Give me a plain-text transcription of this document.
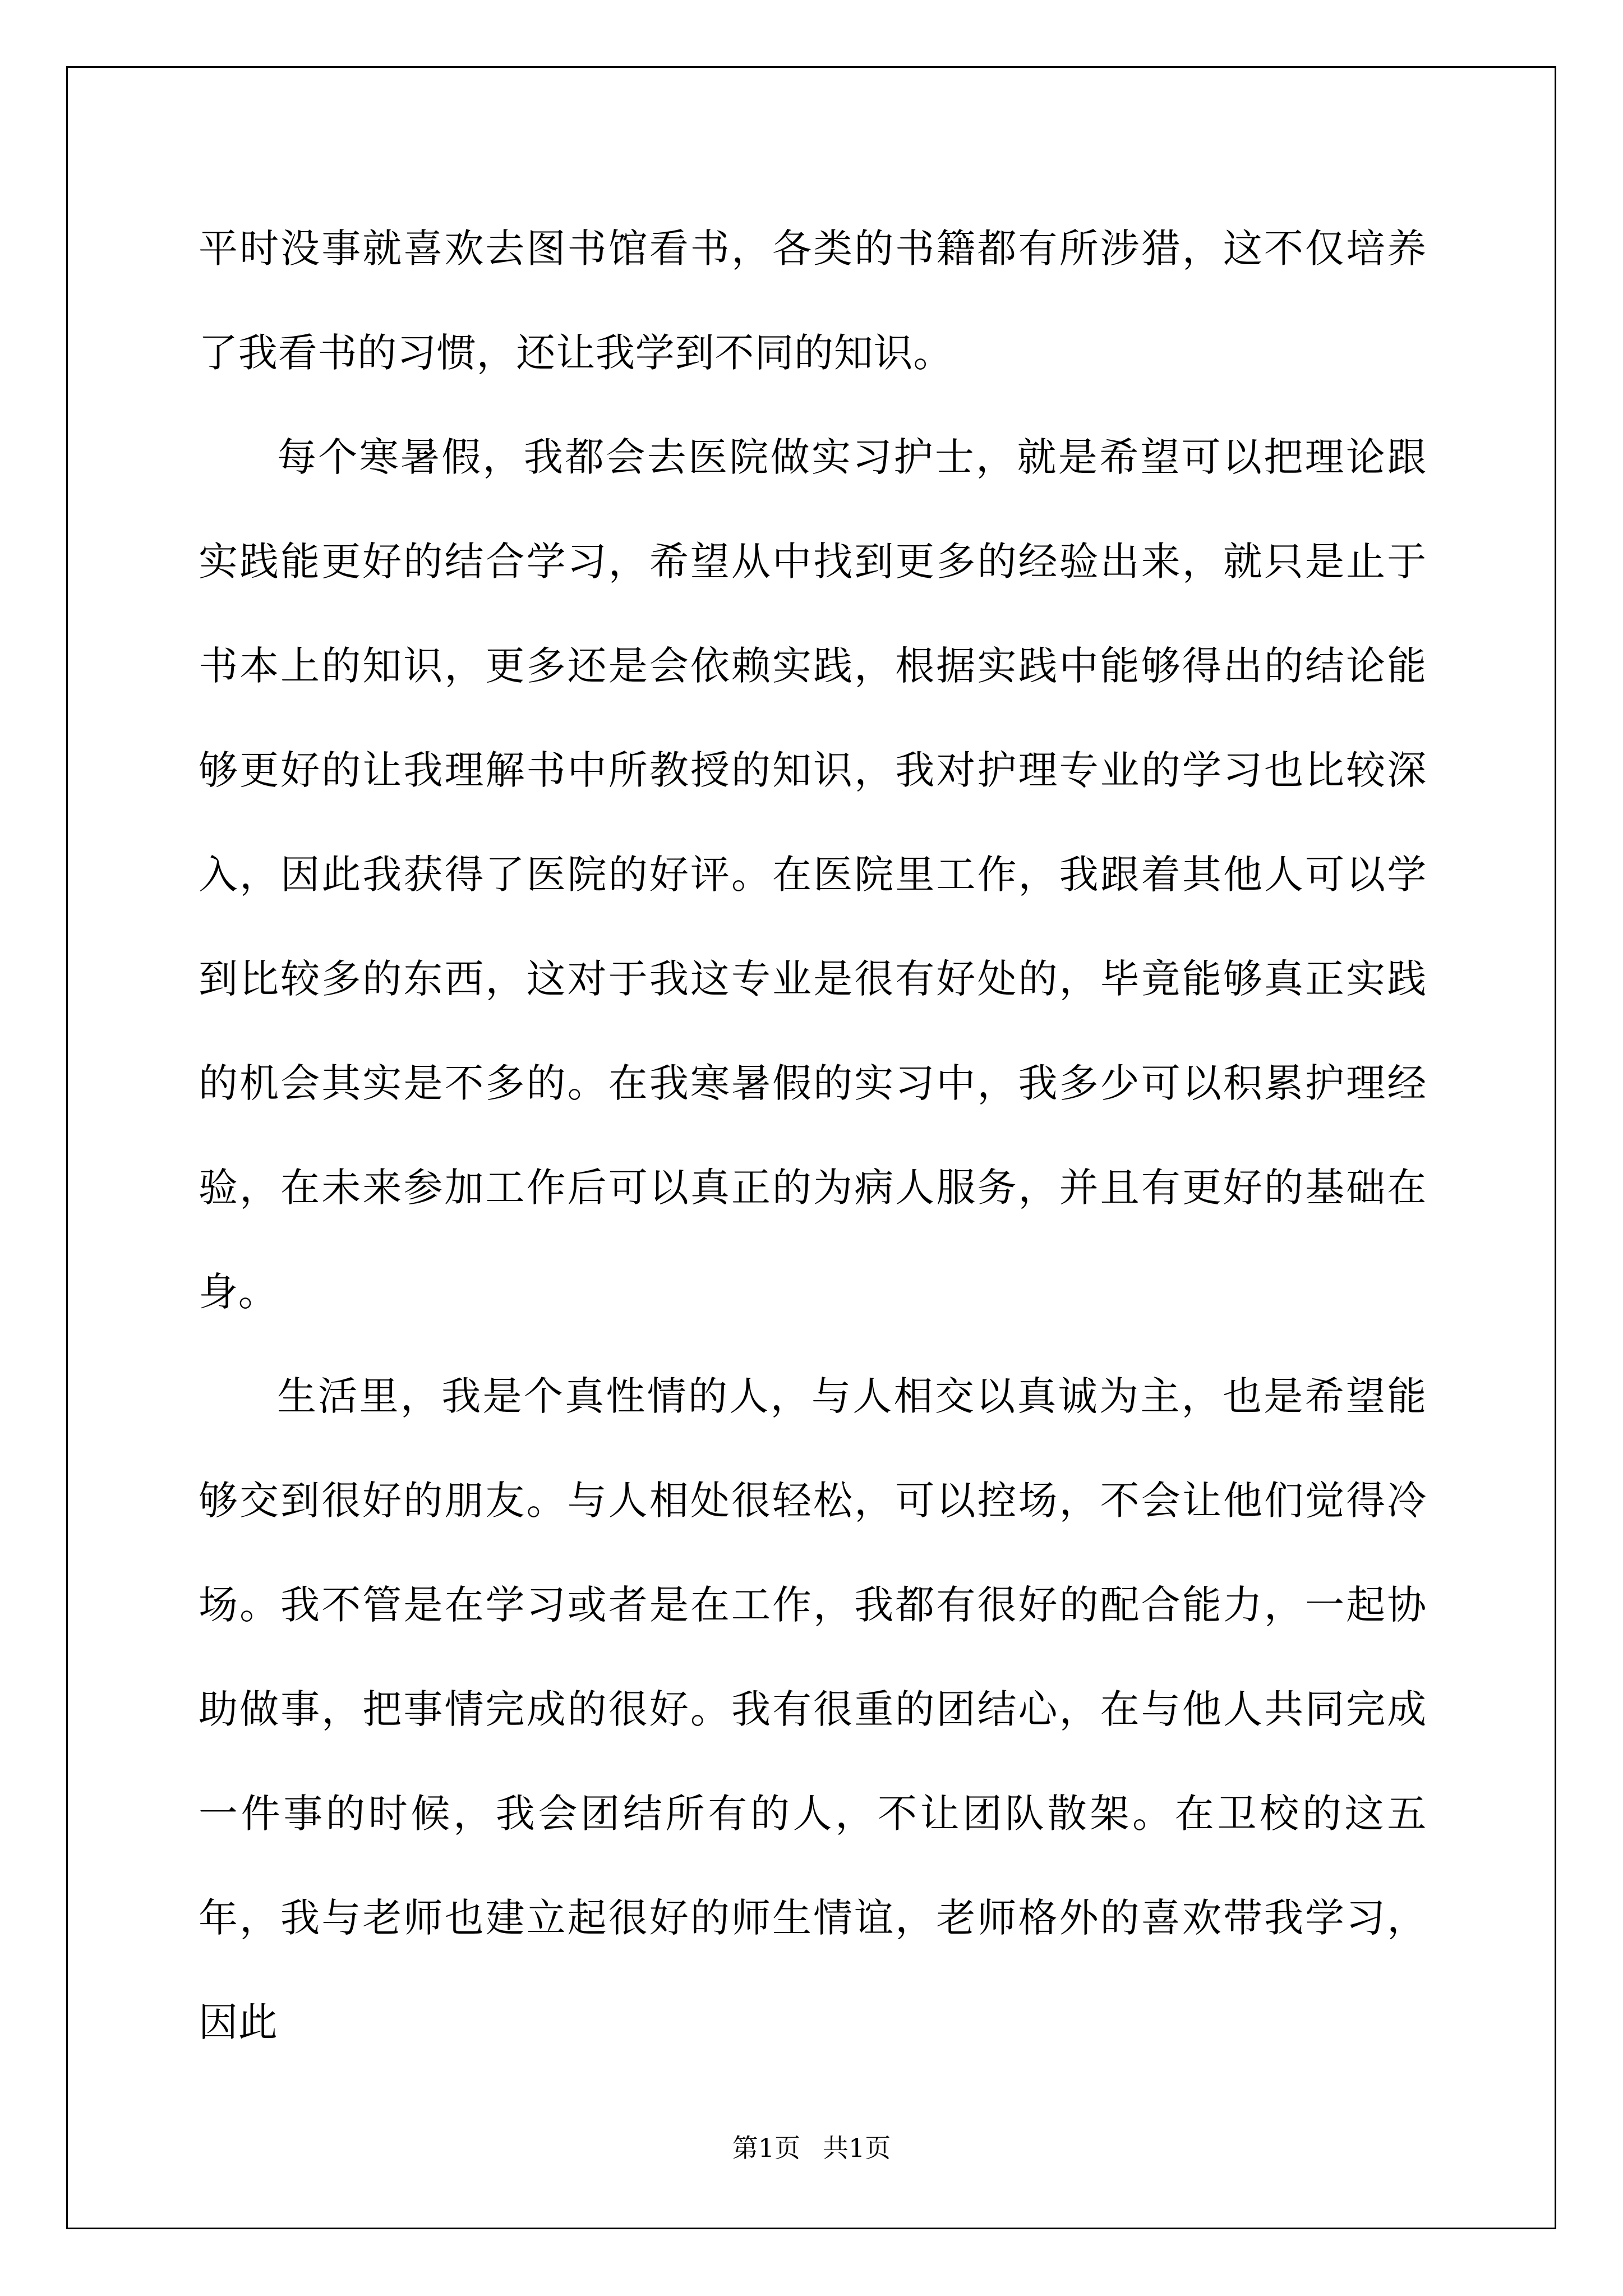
平时没事就喜欢去图书馆看书，各类的书籍都有所涉猎，这不仅培养了我看书的习惯，还让我学到不同的知识。

每个寒暑假，我都会去医院做实习护士，就是希望可以把理论跟实践能更好的结合学习，希望从中找到更多的经验出来，就只是止于书本上的知识，更多还是会依赖实践，根据实践中能够得出的结论能够更好的让我理解书中所教授的知识，我对护理专业的学习也比较深入，因此我获得了医院的好评。在医院里工作，我跟着其他人可以学到比较多的东西，这对于我这专业是很有好处的，毕竟能够真正实践的机会其实是不多的。在我寒暑假的实习中，我多少可以积累护理经验，在未来参加工作后可以真正的为病人服务，并且有更好的基础在身。

生活里，我是个真性情的人，与人相交以真诚为主，也是希望能够交到很好的朋友。与人相处很轻松，可以控场，不会让他们觉得冷场。我不管是在学习或者是在工作，我都有很好的配合能力，一起协助做事，把事情完成的很好。我有很重的团结心，在与他人共同完成一件事的时候，我会团结所有的人，不让团队散架。在卫校的这五年，我与老师也建立起很好的师生情谊，老师格外的喜欢带我学习，因此

第1页 共1页
